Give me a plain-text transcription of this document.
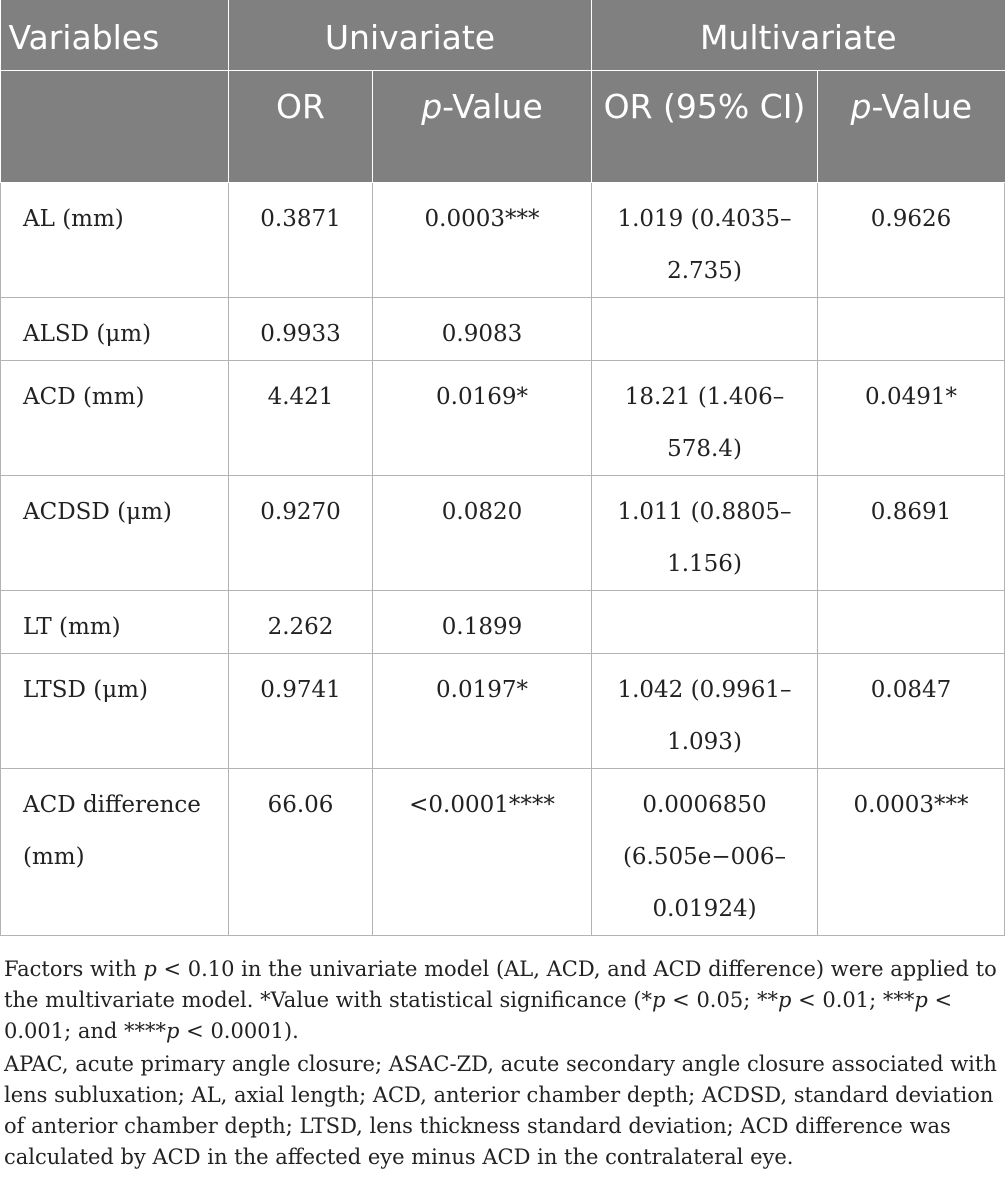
Variables	Univariate		Multivariate	
	OR	p-Value	OR (95% CI)	p-Value
AL (mm)	0.3871	0.0003***	1.019 (0.4035–2.735)	0.9626
ALSD (μm)	0.9933	0.9083		
ACD (mm)	4.421	0.0169*	18.21 (1.406–578.4)	0.0491*
ACDSD (μm)	0.9270	0.0820	1.011 (0.8805–1.156)	0.8691
LT (mm)	2.262	0.1899		
LTSD (μm)	0.9741	0.0197*	1.042 (0.9961–1.093)	0.0847
ACD difference (mm)	66.06	<0.0001****	0.0006850 (6.505e−006–0.01924)	0.0003***

Factors with p < 0.10 in the univariate model (AL, ACD, and ACD difference) were applied to the multivariate model. *Value with statistical significance (*p < 0.05; **p < 0.01; ***p < 0.001; and ****p < 0.0001).

APAC, acute primary angle closure; ASAC-ZD, acute secondary angle closure associated with lens subluxation; AL, axial length; ACD, anterior chamber depth; ACDSD, standard deviation of anterior chamber depth; LTSD, lens thickness standard deviation; ACD difference was calculated by ACD in the affected eye minus ACD in the contralateral eye.
